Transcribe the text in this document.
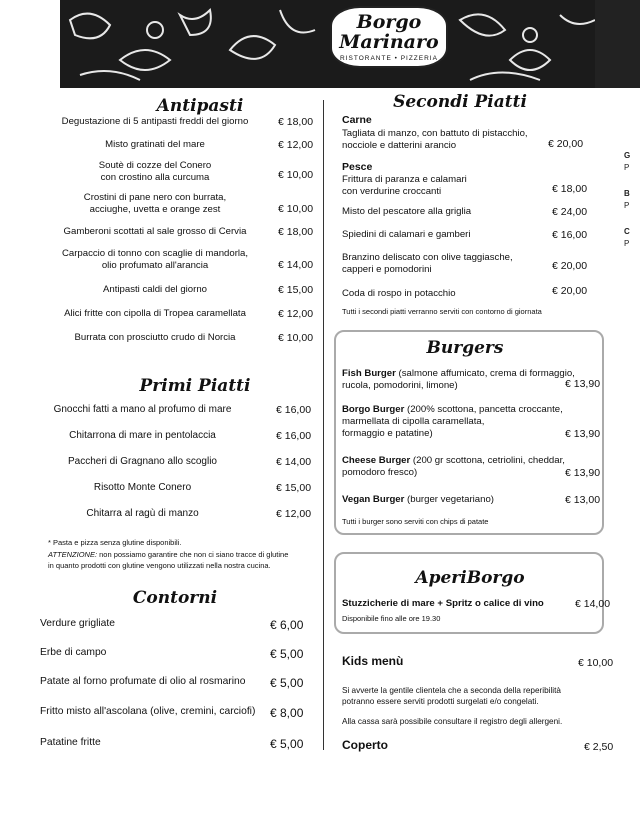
Borgo
Marinaro
RISTORANTE • PIZZERIA
G
P
B
P
C
P
Antipasti
Degustazione di 5 antipasti freddi del giorno	€ 18,00
Misto gratinati del mare	€ 12,00
Soutè di cozze del Conero
con crostino alla curcuma	€ 10,00
Crostini di pane nero con burrata,
acciughe, uvetta e orange zest	€ 10,00
Gamberoni scottati al sale grosso di Cervia	€ 18,00
Carpaccio di tonno con scaglie di mandorla,
olio profumato all'arancia	€ 14,00
Antipasti caldi del giorno	€ 15,00
Alici fritte con cipolla di Tropea caramellata	€ 12,00
Burrata con prosciutto crudo di Norcia	€ 10,00
Primi Piatti
Gnocchi fatti a mano al profumo di mare	€ 16,00
Chitarrona di mare in pentolaccia	€ 16,00
Paccheri di Gragnano allo scoglio	€ 14,00
Risotto Monte Conero	€ 15,00
Chitarra al ragù di manzo	€ 12,00
* Pasta e pizza senza glutine disponibili.
ATTENZIONE: non possiamo garantire che non ci siano tracce di glutine
in quanto prodotti con glutine vengono utilizzati nella nostra cucina.
Contorni
Verdure grigliate	€ 6,00
Erbe di campo	€ 5,00
Patate al forno profumate di olio al rosmarino € 5,00
Fritto misto all'ascolana (olive, cremini, carciofi) € 8,00
Patatine fritte	€ 5,00
Secondi Piatti
Carne
Tagliata di manzo, con battuto di pistacchio,
nocciole e datterini arancio	€ 20,00
Pesce
Frittura di paranza e calamari
con verdurine croccanti	€ 18,00
Misto del pescatore alla griglia	€ 24,00
Spiedini di calamari e gamberi	€ 16,00
Branzino deliscato con olive taggiasche,
capperi e pomodorini	€ 20,00
Coda di rospo in potacchio	€ 20,00
Tutti i secondi piatti verranno serviti con contorno di giornata
Burgers
Fish Burger (salmone affumicato, crema di formaggio,
rucola, pomodorini, limone)	€ 13,90
Borgo Burger (200% scottona, pancetta croccante,
marmellata di cipolla caramellata,
formaggio e patatine)	€ 13,90
Cheese Burger (200 gr scottona, cetriolini, cheddar,
pomodoro fresco)	€ 13,90
Vegan Burger (burger vegetariano)	€ 13,00
Tutti i burger sono serviti con chips di patate
AperiBorgo
Stuzzicherie di mare + Spritz o calice di vino	€ 14,00
Disponibile fino alle ore 19.30
Kids menù	€ 10,00
Si avverte la gentile clientela che a seconda della reperibilità
potranno essere serviti prodotti surgelati e/o congelati.
Alla cassa sarà possibile consultare il registro degli allergeni.
Coperto	€ 2,50
